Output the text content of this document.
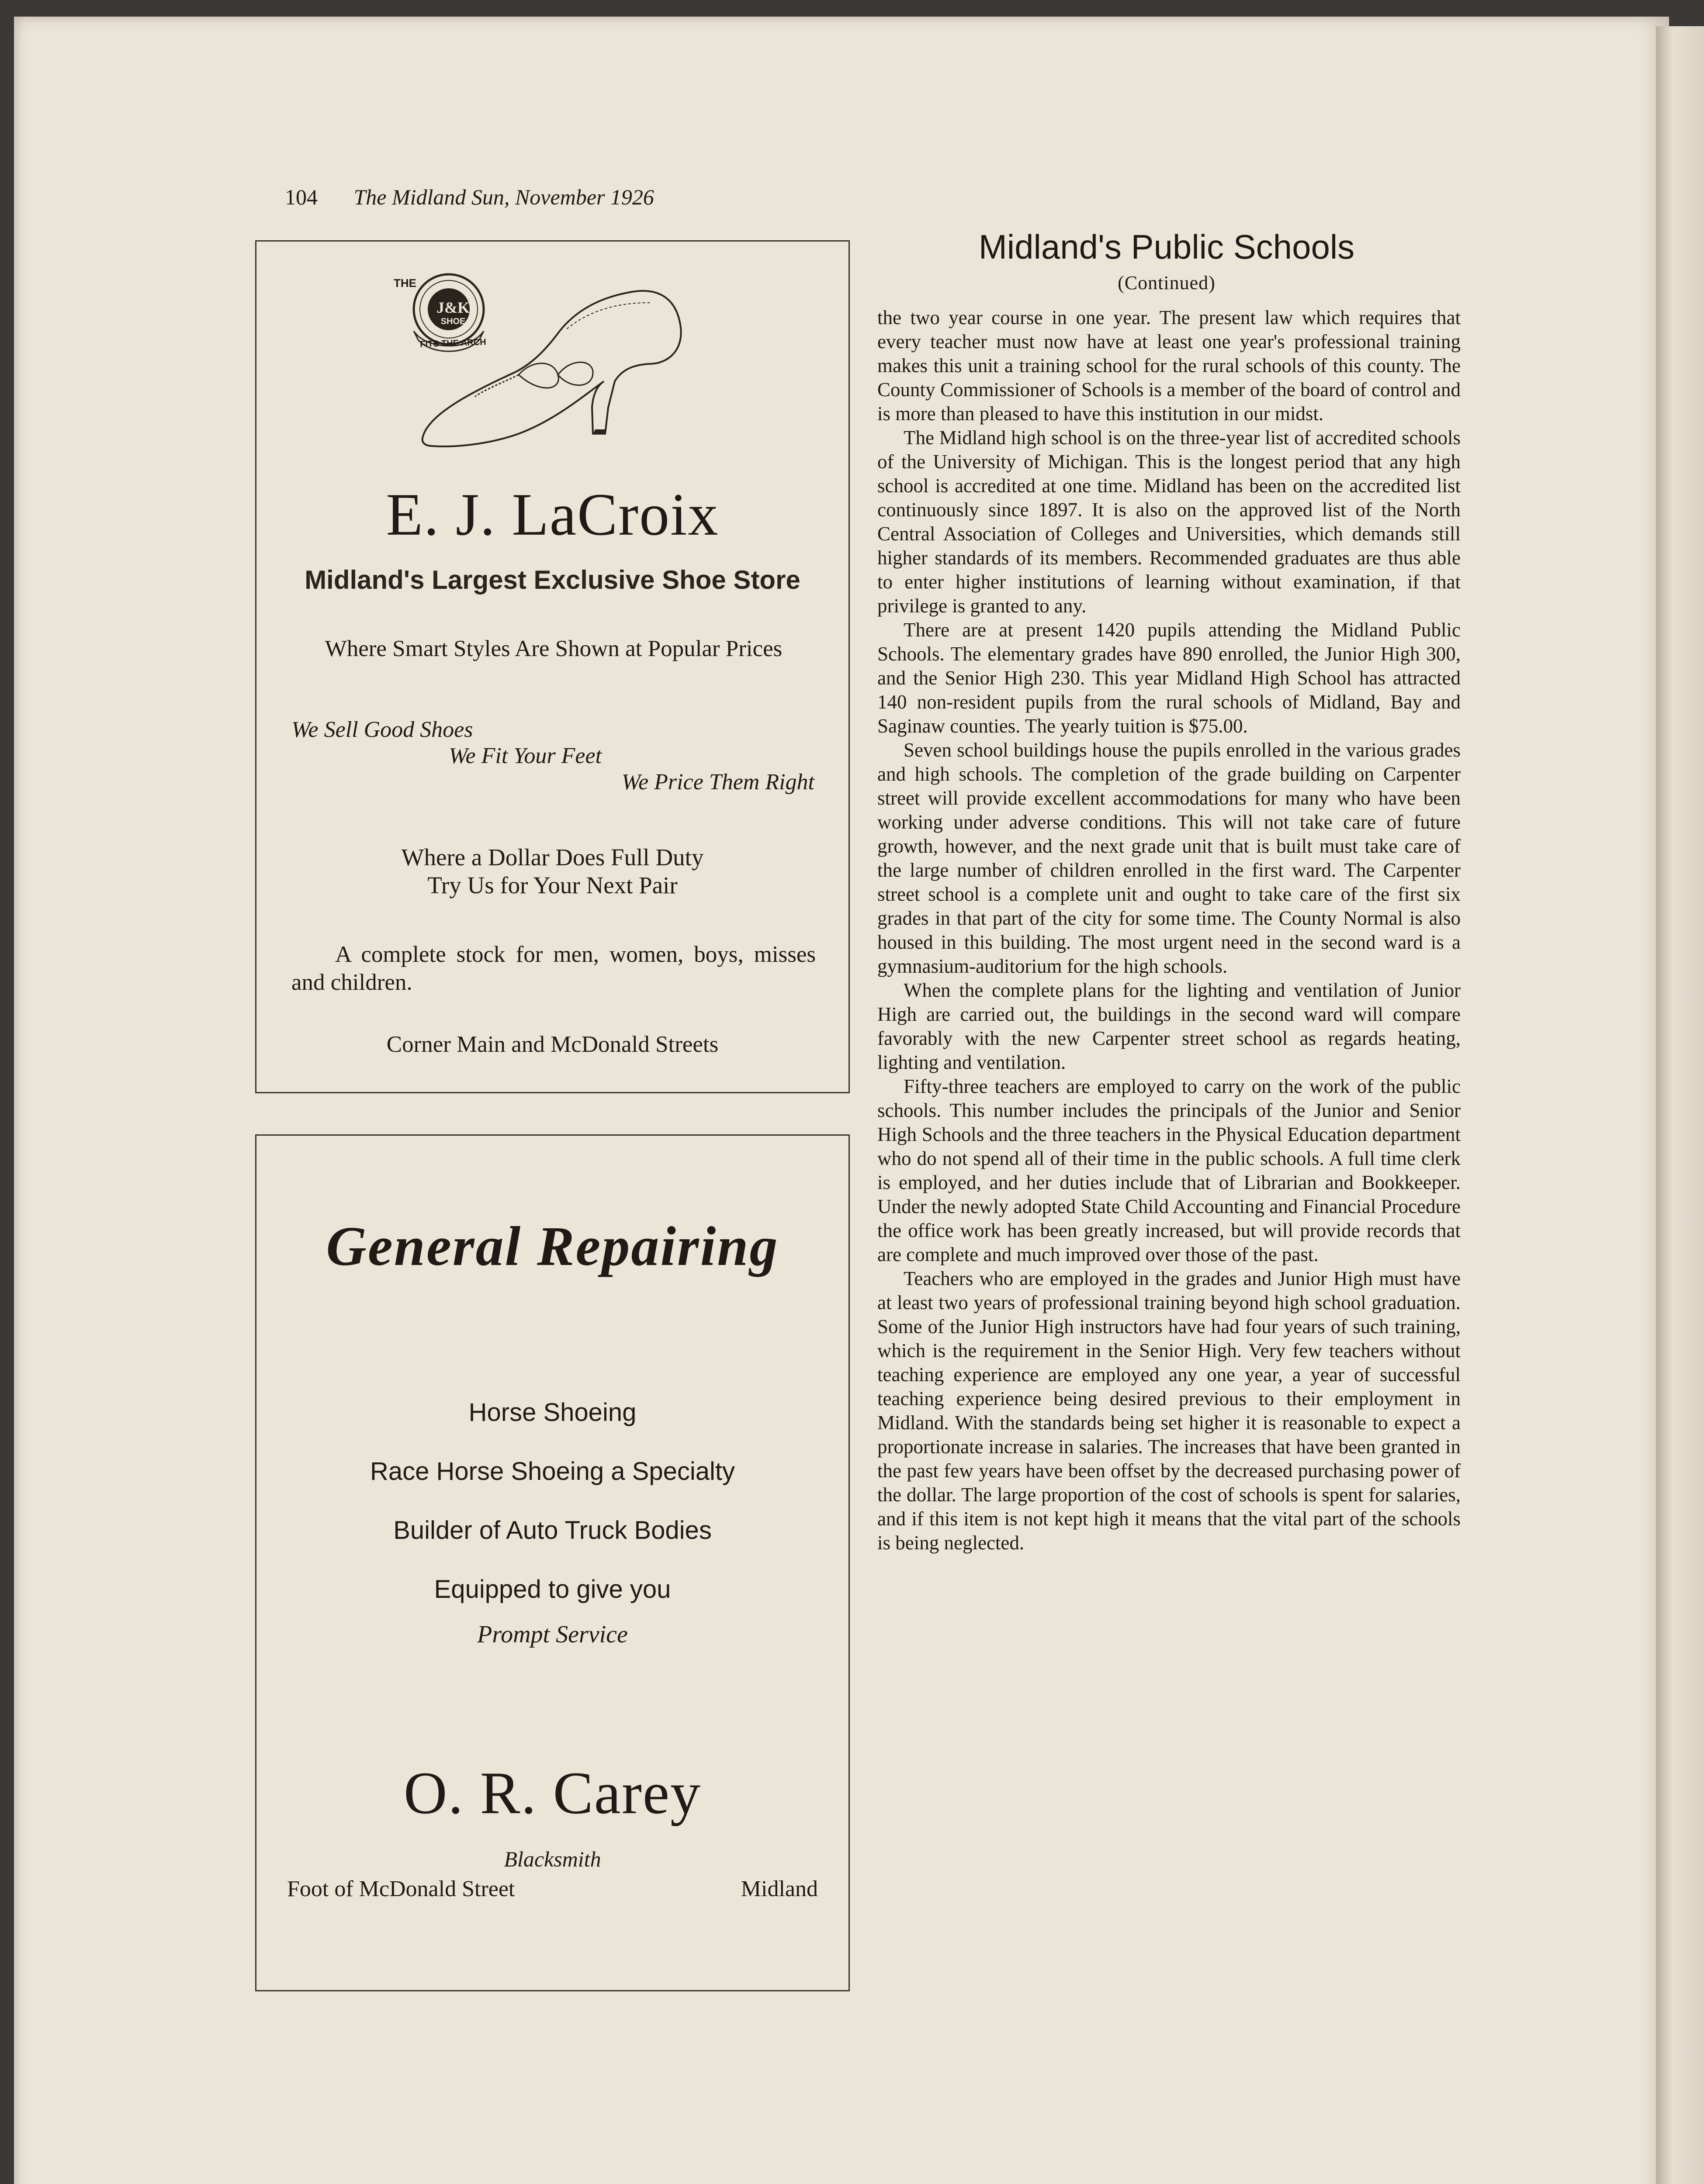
104 The Midland Sun, November 1926
THE
J&K
SHOE
FITS THE ARCH
E. J. LaCroix
Midland's Largest Exclusive Shoe Store
Where Smart Styles Are Shown at Popular Prices
We Sell Good Shoes
We Fit Your Feet
We Price Them Right
Where a Dollar Does Full Duty
Try Us for Your Next Pair
A complete stock for men, women, boys, misses and children.
Corner Main and McDonald Streets
General Repairing
Horse Shoeing
Race Horse Shoeing a Specialty
Builder of Auto Truck Bodies
Equipped to give you
Prompt Service
O. R. Carey
Blacksmith
Foot of McDonald Street	Midland
Midland's Public Schools
(Continued)

the two year course in one year. The present law which requires that every teacher must now have at least one year's professional training makes this unit a training school for the rural schools of this county. The County Commissioner of Schools is a member of the board of control and is more than pleased to have this institution in our midst.

The Midland high school is on the three-year list of accredited schools of the University of Michigan. This is the longest period that any high school is accredited at one time. Midland has been on the accredited list continuously since 1897. It is also on the approved list of the North Central Association of Colleges and Universities, which demands still higher standards of its members. Recommended graduates are thus able to enter higher institutions of learning without examination, if that privilege is granted to any.

There are at present 1420 pupils attending the Midland Public Schools. The elementary grades have 890 enrolled, the Junior High 300, and the Senior High 230. This year Midland High School has attracted 140 non-resident pupils from the rural schools of Midland, Bay and Saginaw counties. The yearly tuition is $75.00.

Seven school buildings house the pupils enrolled in the various grades and high schools. The completion of the grade building on Carpenter street will provide excellent accommodations for many who have been working under adverse conditions. This will not take care of future growth, however, and the next grade unit that is built must take care of the large number of children enrolled in the first ward. The Carpenter street school is a complete unit and ought to take care of the first six grades in that part of the city for some time. The County Normal is also housed in this building. The most urgent need in the second ward is a gymnasium-auditorium for the high schools.

When the complete plans for the lighting and ventilation of Junior High are carried out, the buildings in the second ward will compare favorably with the new Carpenter street school as regards heating, lighting and ventilation.

Fifty-three teachers are employed to carry on the work of the public schools. This number includes the principals of the Junior and Senior High Schools and the three teachers in the Physical Education department who do not spend all of their time in the public schools. A full time clerk is employed, and her duties include that of Librarian and Bookkeeper. Under the newly adopted State Child Accounting and Financial Procedure the office work has been greatly increased, but will provide records that are complete and much improved over those of the past.

Teachers who are employed in the grades and Junior High must have at least two years of professional training beyond high school graduation. Some of the Junior High instructors have had four years of such training, which is the requirement in the Senior High. Very few teachers without teaching experience are employed any one year, a year of successful teaching experience being desired previous to their employment in Midland. With the standards being set higher it is reasonable to expect a proportionate increase in salaries. The increases that have been granted in the past few years have been offset by the decreased purchasing power of the dollar. The large proportion of the cost of schools is spent for salaries, and if this item is not kept high it means that the vital part of the schools is being neglected.
